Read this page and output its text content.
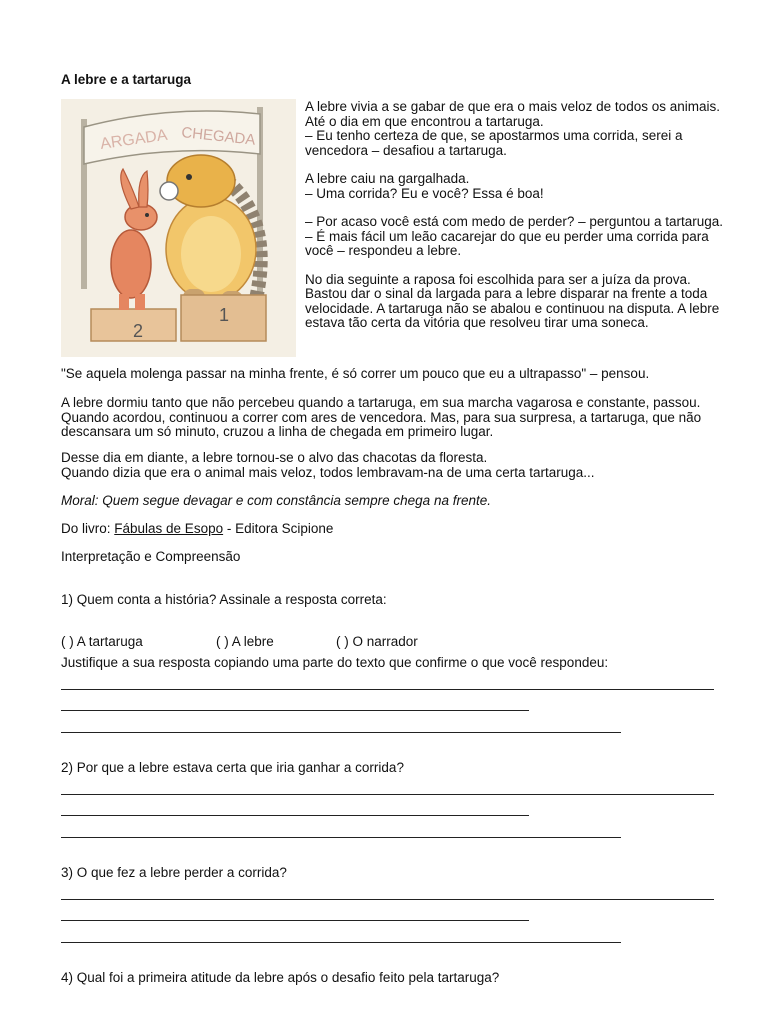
A lebre e a tartaruga
ARGADA CHEGADA
2
1

A lebre vivia a se gabar de que era o mais veloz de todos os animais. Até o dia em que encontrou a tartaruga.
– Eu tenho certeza de que, se apostarmos uma corrida, serei a vencedora – desafiou a tartaruga.

A lebre caiu na gargalhada.
– Uma corrida? Eu e você? Essa é boa!

– Por acaso você está com medo de perder? – perguntou a tartaruga.
– É mais fácil um leão cacarejar do que eu perder uma corrida para você – respondeu a lebre.

No dia seguinte a raposa foi escolhida para ser a juíza da prova. Bastou dar o sinal da largada para a lebre disparar na frente a toda velocidade. A tartaruga não se abalou e continuou na disputa. A lebre estava tão certa da vitória que resolveu tirar uma soneca.

"Se aquela molenga passar na minha frente, é só correr um pouco que eu a ultrapasso" – pensou.

A lebre dormiu tanto que não percebeu quando a tartaruga, em sua marcha vagarosa e constante, passou. Quando acordou, continuou a correr com ares de vencedora. Mas, para sua surpresa, a tartaruga, que não descansara um só minuto, cruzou a linha de chegada em primeiro lugar.

Desse dia em diante, a lebre tornou-se o alvo das chacotas da floresta.

Quando dizia que era o animal mais veloz, todos lembravam-na de uma certa tartaruga...

Moral: Quem segue devagar e com constância sempre chega na frente.

Do livro: Fábulas de Esopo - Editora Scipione

Interpretação e Compreensão

1) Quem conta a história? Assinale a resposta correta:

( ) A tartaruga	( ) A lebre	( ) O narrador

Justifique a sua resposta copiando uma parte do texto que confirme o que você respondeu:

2) Por que a lebre estava certa que iria ganhar a corrida?

3) O que fez a lebre perder a corrida?

4) Qual foi a primeira atitude da lebre após o desafio feito pela tartaruga?
